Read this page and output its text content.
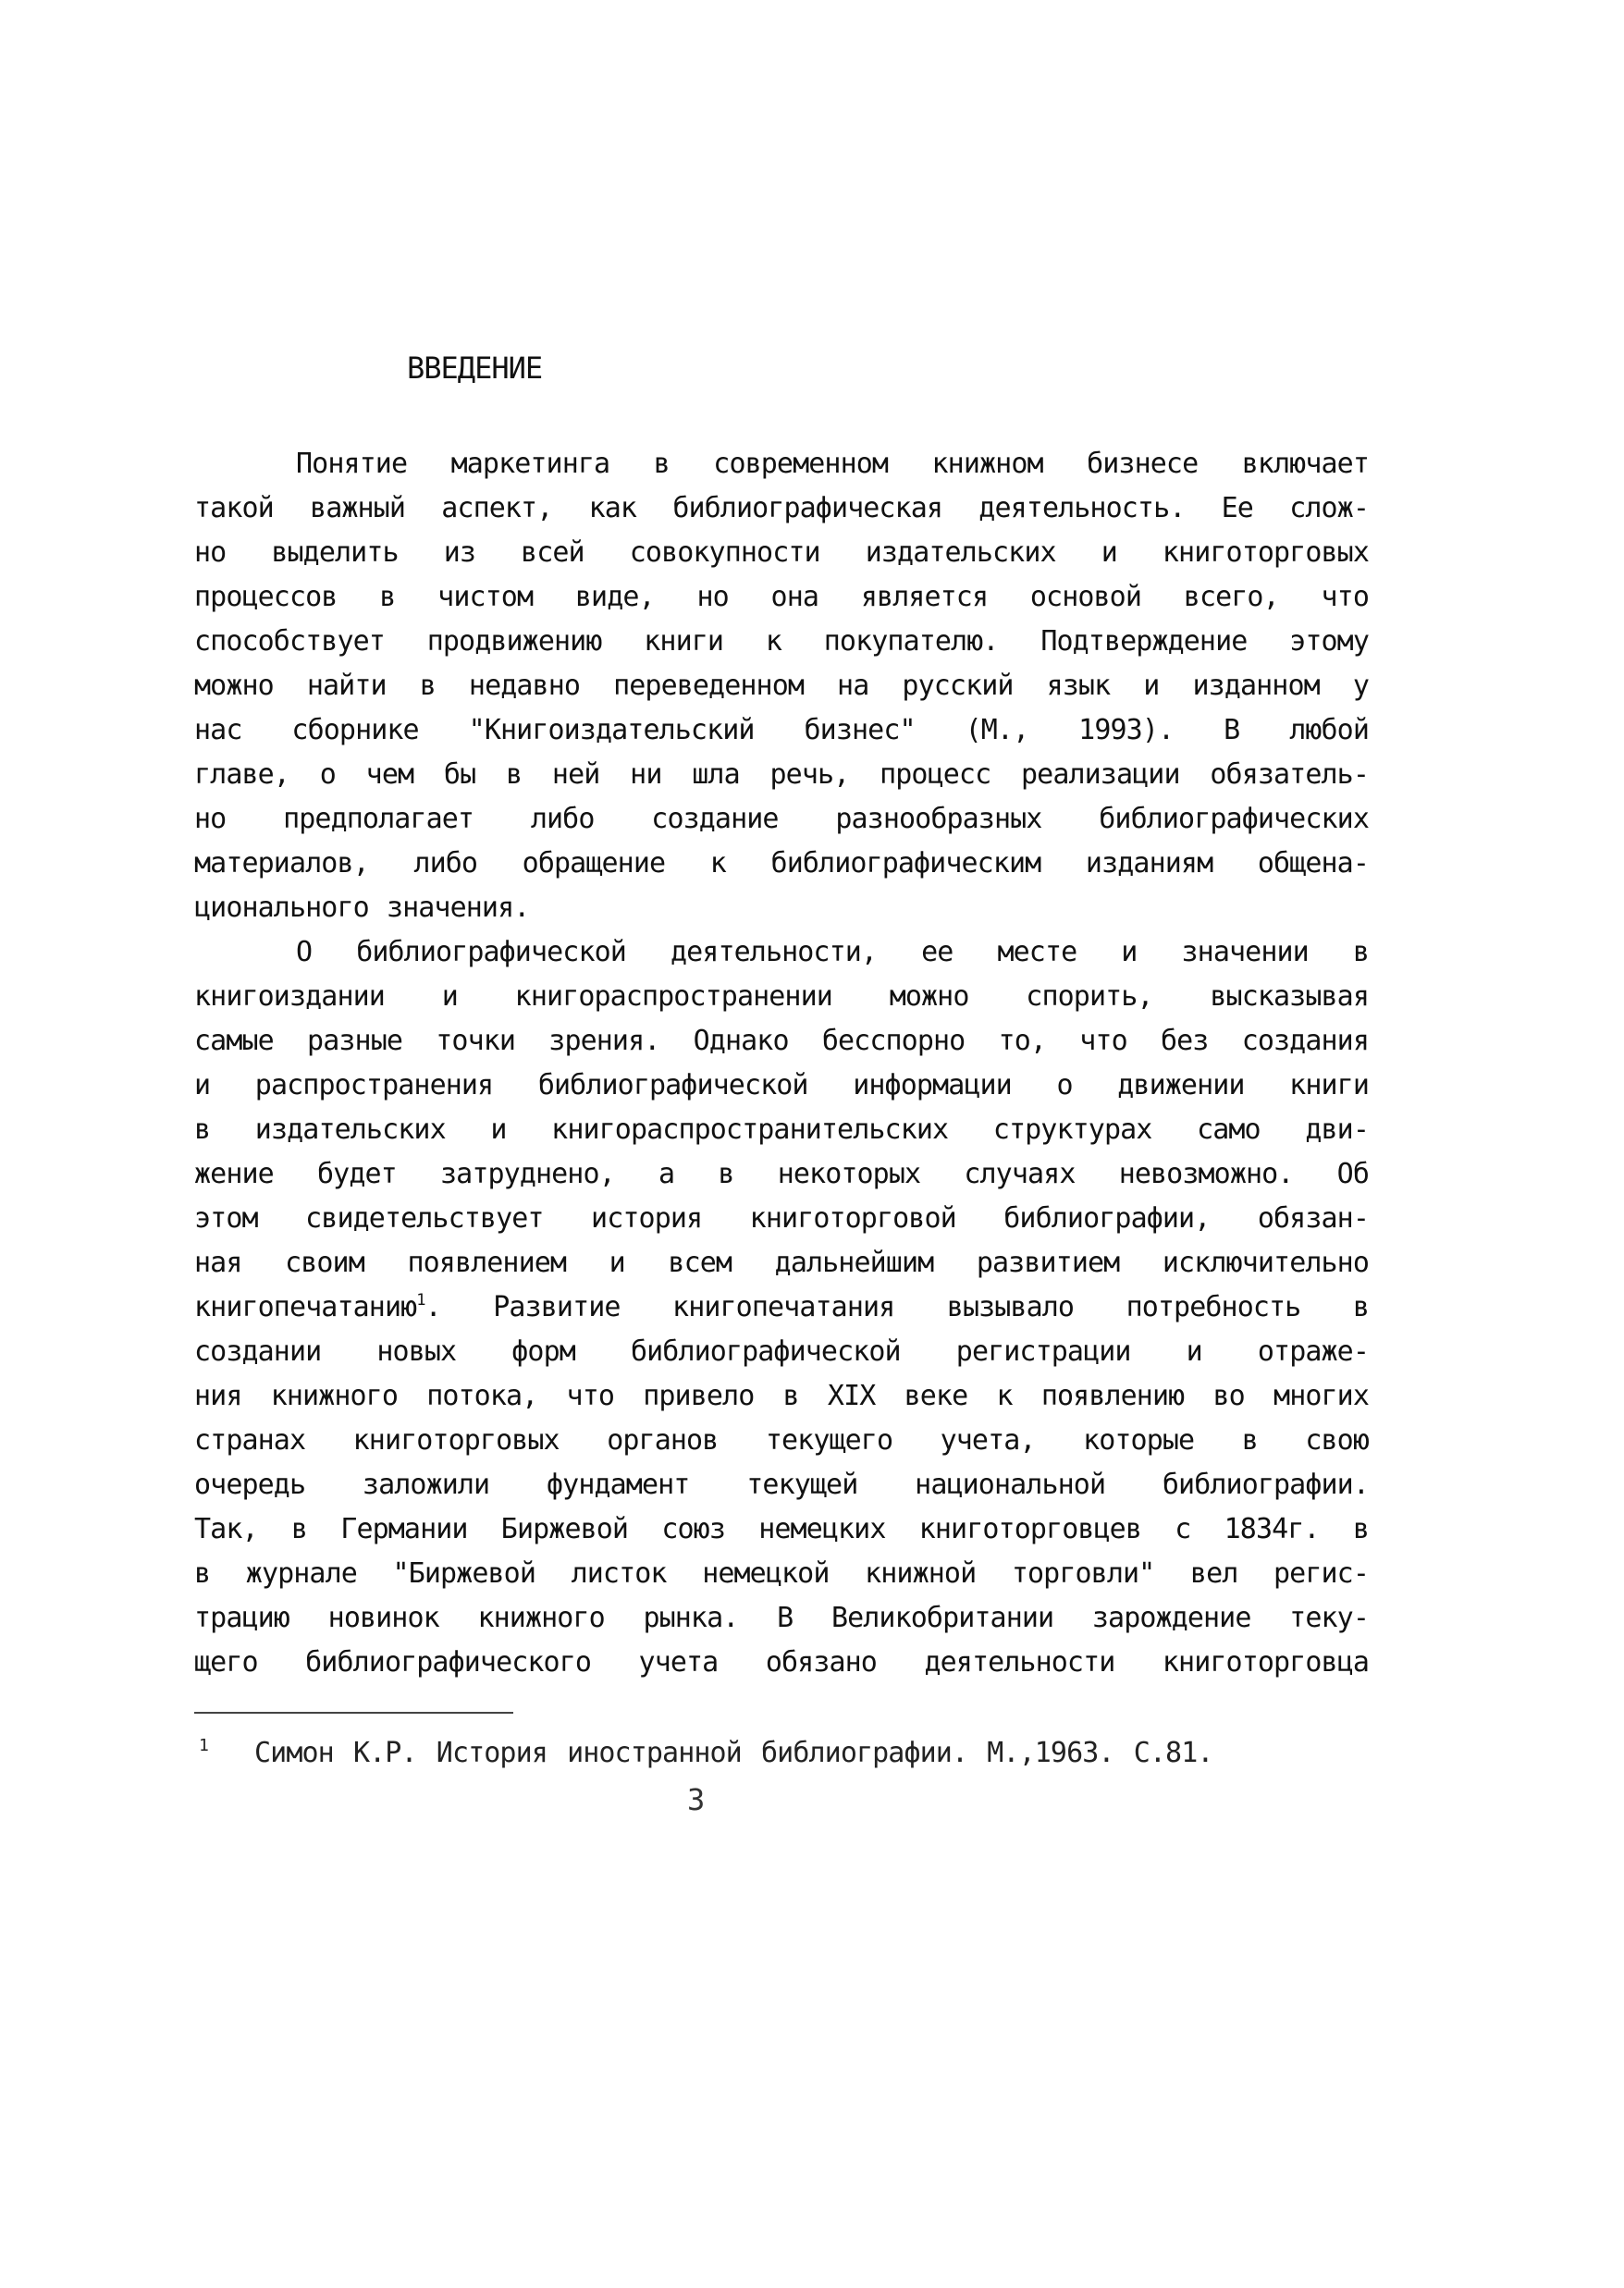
ВВЕДЕНИЕ
Понятие маркетинга в современном книжном бизнесе включает
такой важный аспект, как библиографическая деятельность. Ее слож-
но выделить из всей совокупности издательских и книготорговых
процессов в чистом виде, но она является основой всего, что
способствует продвижению книги к покупателю. Подтверждение этому
можно найти в недавно переведенном на русский язык и изданном у
нас сборнике "Книгоиздательский бизнес" (М., 1993). В любой
главе, о чем бы в ней ни шла речь, процесс реализации обязатель-
но предполагает либо создание разнообразных библиографических
материалов, либо обращение к библиографическим изданиям общена-
ционального значения.
О библиографической деятельности, ее месте и значении в
книгоиздании и книгораспространении можно спорить, высказывая
самые разные точки зрения. Однако бесспорно то, что без создания
и распространения библиографической информации о движении книги
в издательских и книгораспространительских структурах само дви-
жение будет затруднено, а в некоторых случаях невозможно. Об
этом свидетельствует история книготорговой библиографии, обязан-
ная своим появлением и всем дальнейшим развитием исключительно
книгопечатанию$^1$. Развитие книгопечатания вызывало потребность в
создании новых форм библиографической регистрации и отраже-
ния книжного потока, что привело в XIX веке к появлению во многих
странах книготорговых органов текущего учета, которые в свою
очередь заложили фундамент текущей национальной библиографии.
Так, в Германии Биржевой союз немецких книготорговцев с 1834г. в
в журнале "Биржевой листок немецкой книжной торговли" вел регис-
трацию новинок книжного рынка. В Великобритании зарождение теку-
щего библиографического учета обязано деятельности книготорговца
1 Симон К.Р. История иностранной библиографии. М.,1963. С.81.
3
